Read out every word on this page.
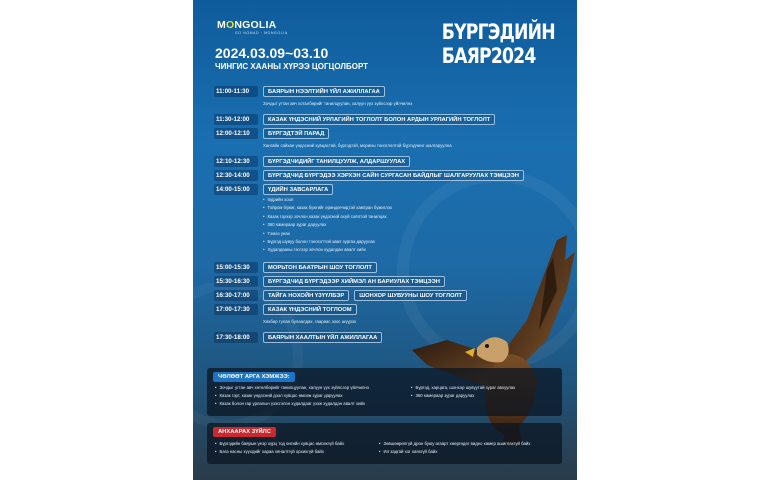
MONGOLIA
GO NOMAD · MONGOLIA
2024.03.09~03.10
ЧИНГИС ХААНЫ ХҮРЭЭ ЦОГЦОЛБОРТ
БҮРГЭДИЙН
БАЯР2024
11:00-11:30	БАЯРЫН НЭЭЛТИЙН ҮЙЛ АЖИЛЛАГАА
Зочдыг угтан авч хоталбөрийг танилцуулан, халуун үүх зүйлсээр үйлчилнэ
11:30-12:00	КАЗАК ҮНДЭСНИЙ УРЛАГИЙН ТОГЛОЛТ БОЛОН АРДЫН УРЛАГИЙН ТОГЛОЛТ
12:00-12:10	БҮРГЭДТЭЙ ПАРАД
Хангайн сайхан үндэсний хувцастай, бүргэдтэй, морины тоноглолтой бүргэдчинг шалгаруулна
12:10-12:30	БҮРГЭДЧИДИЙГ ТАНИЛЦУУЛЖ, АЛДАРШУУЛАХ
12:30-14:00	БҮРГЭДЧИД БҮРГЭДЭЭ ХЭРХЭН САЙН СУРГАСАН БАЙДЛЫГ ШАЛГАРУУЛАХ ТЭМЦЭЭН
14:00-15:00	ҮДИЙН ЗАВСАРЛАГА
15:00-15:30	МОРЬТОН БААТРЫН ШОУ ТОГЛОЛТ
15:30-16:30	БҮРГЭДЧИД БҮРГЭДЭЭР ХИЙМЭЛ АН БАРИУЛАХ ТЭМЦЭЭН
16:30-17:00	ТАЙГА НОХОЙН ҮЗҮҮЛБЭР	ШОНХОР ШУВУУНЫ ШОУ ТОГЛОЛТ
17:00-17:30	КАЗАК ҮНДЭСНИЙ ТОГЛООМ
Хөхбөр тулан булаалдах, гаараас зоос шүүрэх
17:30-18:00	БАЯРЫН ХААЛТЫН ҮЙЛ АЖИЛЛАГАА
• Өдрийн хоол
• Тойром бүжиг, казак бүжгийг ерөндөгчидтэй хамтран бүжиглэх
• Казак гэрээр зочлон казак үндэсний ахуй соёлтой танилцах
• 360 камераар зураг даруулах
• Тэмээ унах
• Бүргэд шувуу болон тэносоттой хамт зургаа даруулах
• Худалдааны гэсгээр зочлон худалдан авалт хийх
ЧӨЛӨӨТ АРГА ХЭМЖЭЭ:
• Зочдыг угтан авч хөтөлбөрийг танилцуулан, халуун үүх зүйлсээр үйлчилнэ
• Казак гэрт, казак үндэсний дээл хувцас өмсөж зураг даруулах
• Казак болон гар урлалын үзэсгэлэн худалдааг үзэж худалдан авалт хийх
• Бүргэд, харцага, шонхор шувуутай зураг авхуулах
• 360 камераар зураг даруулах
АНХААРАХ ЗҮЙЛС
• Бүргэдийн баярын үеэр хүрц тод өнгийн хувцас өмсөхгүй байх
• Бага насны хүүхдийг хараа хяналтгүй орхихгүй байх
• Зөвшөөрөлгүй дрон буюу агаарт хөөргөдөг видео камер ашиглахгүй байх
• Ил задгай хог хаяхгүй байх
